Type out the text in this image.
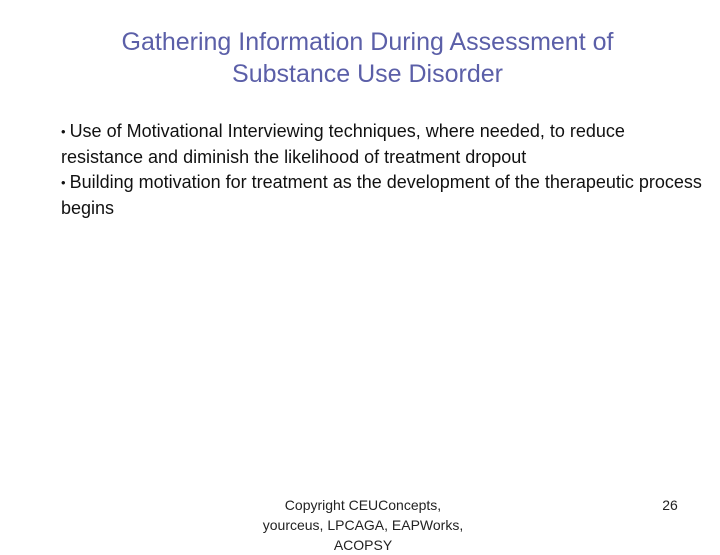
Gathering Information During Assessment of
Substance Use Disorder

• Use of Motivational Interviewing techniques, where needed, to reduce resistance and diminish the likelihood of treatment dropout

• Building motivation for treatment as the development of the therapeutic process begins

Copyright CEUConcepts,
yourceus, LPCAGA, EAPWorks,
ACOPSY
26
